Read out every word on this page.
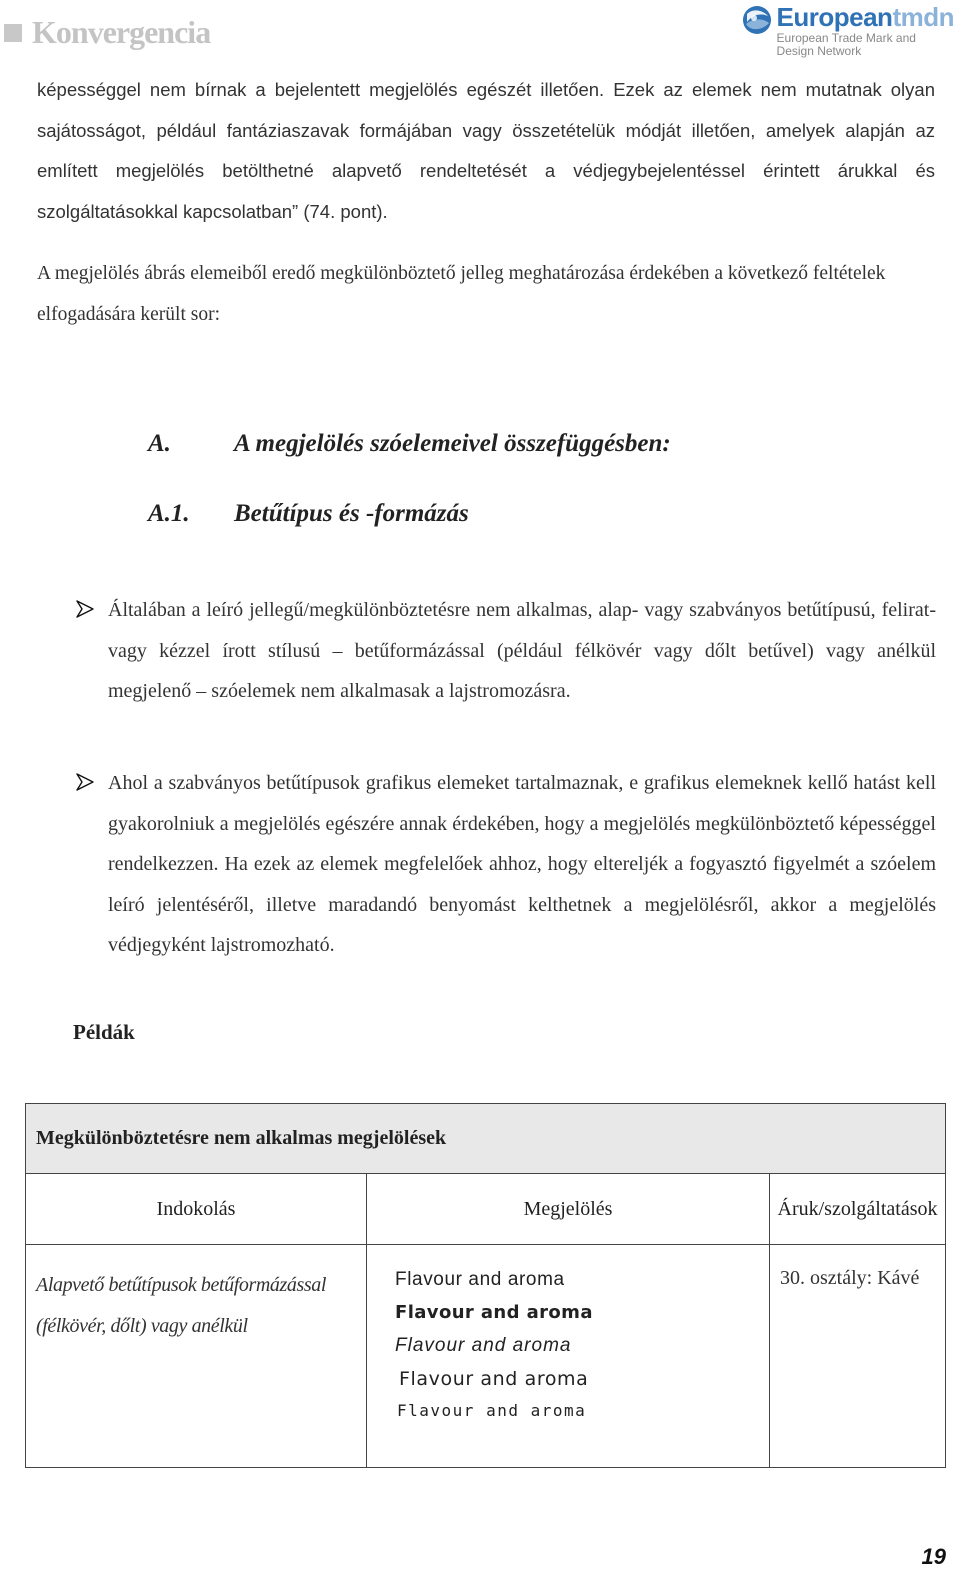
Konvergencia	Europeantmdn
European Trade Mark and
Design Network

képességgel nem bírnak a bejelentett megjelölés egészét illetően. Ezek az elemek nem mutatnak olyan sajátosságot, például fantáziaszavak formájában vagy összetételük módját illetően, amelyek alapján az említett megjelölés betölthetné alapvető rendeltetését a védjegybejelentéssel érintett árukkal és szolgáltatásokkal kapcsolatban” (74. pont).

A megjelölés ábrás elemeiből eredő megkülönböztető jelleg meghatározása érdekében a következő feltételek elfogadására került sor:

A.	A megjelölés szóelemeivel összefüggésben:
A.1.	Betűtípus és -formázás
Általában a leíró jellegű/megkülönböztetésre nem alkalmas, alap- vagy szabványos betűtípusú, felirat- vagy kézzel írott stílusú – betűformázással (például félkövér vagy dőlt betűvel) vagy anélkül megjelenő – szóelemek nem alkalmasak a lajstromozásra.
Ahol a szabványos betűtípusok grafikus elemeket tartalmaznak, e grafikus elemeknek kellő hatást kell gyakorolniuk a megjelölés egészére annak érdekében, hogy a megjelölés megkülönböztető képességgel rendelkezzen. Ha ezek az elemek megfelelőek ahhoz, hogy eltereljék a fogyasztó figyelmét a szóelem leíró jelentéséről, illetve maradandó benyomást kelthetnek a megjelölésről, akkor a megjelölés védjegyként lajstromozható.
Példák
Megkülönböztetésre nem alkalmas megjelölések		
Indokolás	Megjelölés	Áruk/szolgáltatások
Alapvető betűtípusok betűformázással (félkövér, dőlt) vagy anélkül	Flavour and aroma
Flavour and aroma
Flavour and aroma
Flavour and aroma
Flavour and aroma	30. osztály: Kávé
19
